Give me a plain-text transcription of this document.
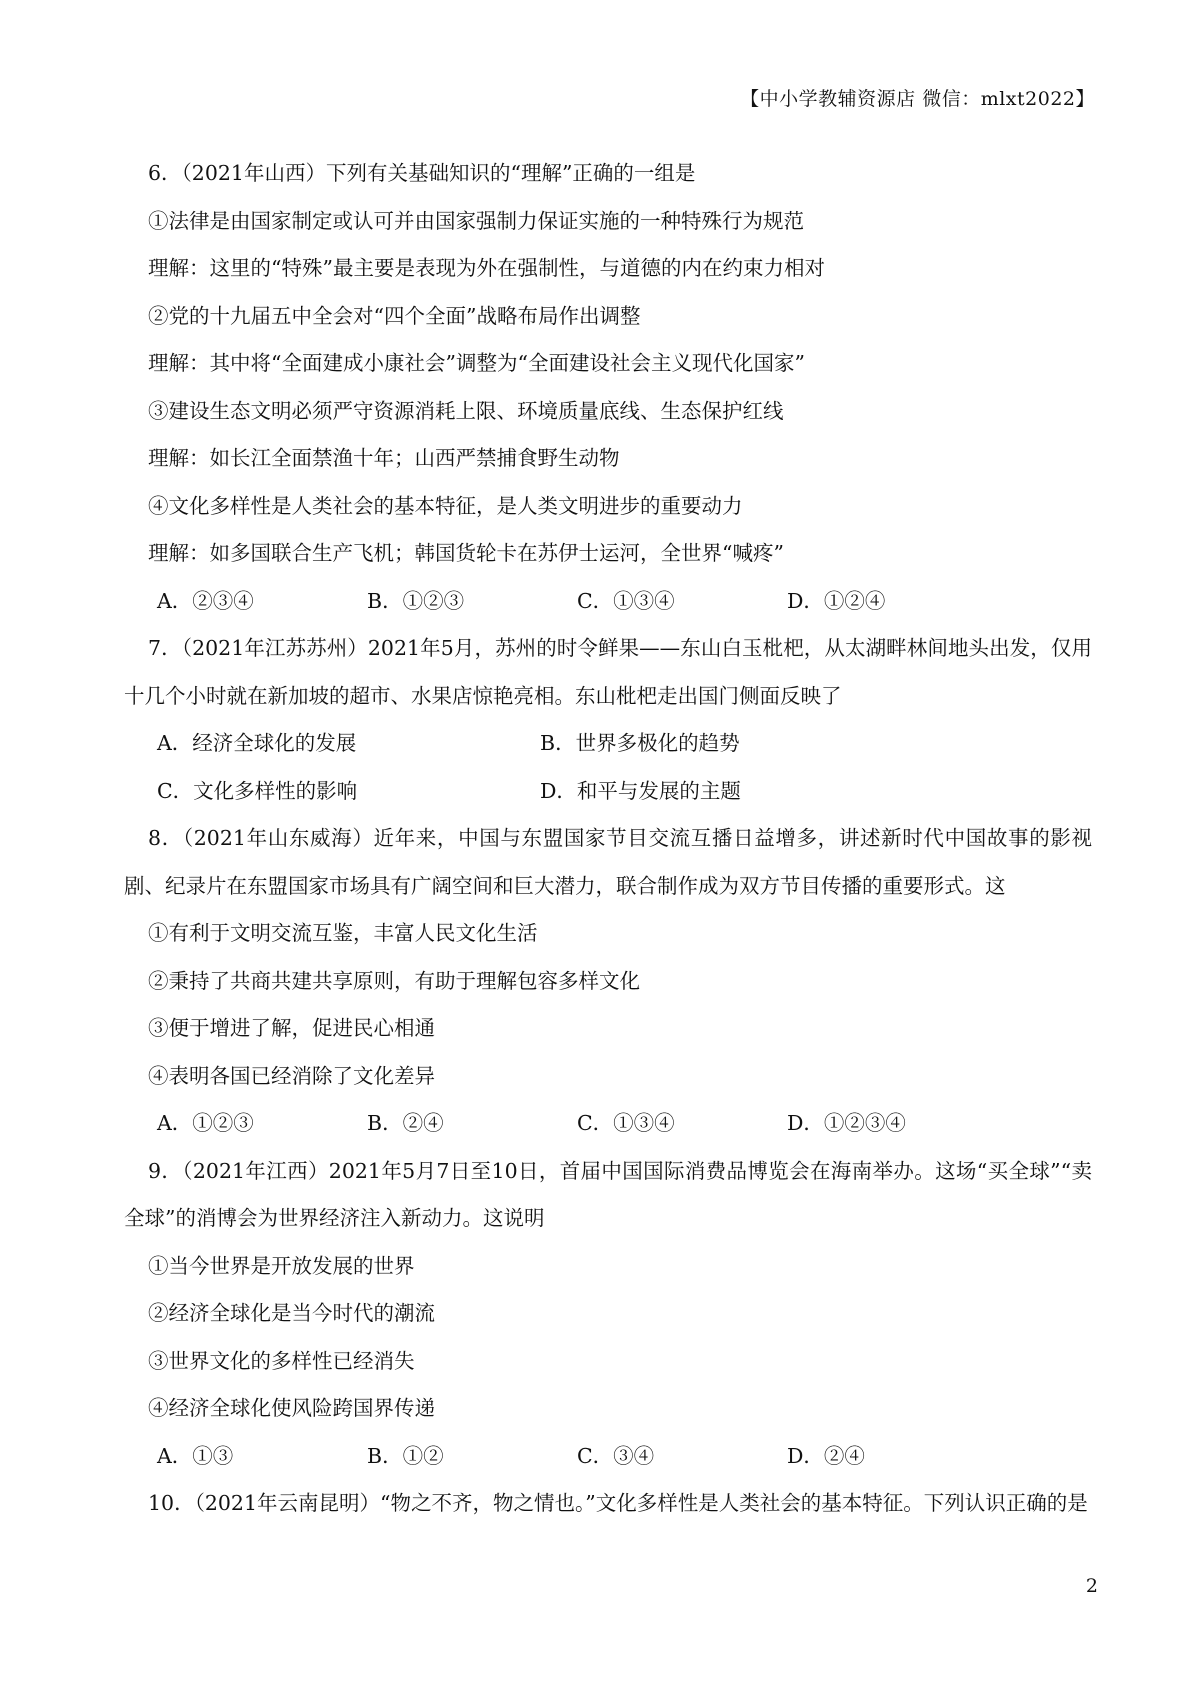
【中小学教辅资源店 微信：mlxt2022】

6．（2021年山西）下列有关基础知识的“理解”正确的一组是

①法律是由国家制定或认可并由国家强制力保证实施的一种特殊行为规范

理解：这里的“特殊”最主要是表现为外在强制性，与道德的内在约束力相对

②党的十九届五中全会对“四个全面”战略布局作出调整

理解：其中将“全面建成小康社会”调整为“全面建设社会主义现代化国家”

③建设生态文明必须严守资源消耗上限、环境质量底线、生态保护红线

理解：如长江全面禁渔十年；山西严禁捕食野生动物

④文化多样性是人类社会的基本特征，是人类文明进步的重要动力

理解：如多国联合生产飞机；韩国货轮卡在苏伊士运河，全世界“喊疼”

A．②③④	B．①②③	C．①③④	D．①②④

7．（2021年江苏苏州）2021年5月，苏州的时令鲜果——东山白玉枇杷，从太湖畔林间地头出发，仅用十几个小时就在新加坡的超市、水果店惊艳亮相。东山枇杷走出国门侧面反映了

A．经济全球化的发展	B．世界多极化的趋势
C．文化多样性的影响	D．和平与发展的主题

8．（2021年山东威海）近年来，中国与东盟国家节目交流互播日益增多，讲述新时代中国故事的影视剧、纪录片在东盟国家市场具有广阔空间和巨大潜力，联合制作成为双方节目传播的重要形式。这

①有利于文明交流互鉴，丰富人民文化生活

②秉持了共商共建共享原则，有助于理解包容多样文化

③便于增进了解，促进民心相通

④表明各国已经消除了文化差异

A．①②③	B．②④	C．①③④	D．①②③④

9．（2021年江西）2021年5月7日至10日，首届中国国际消费品博览会在海南举办。这场“买全球”“卖全球”的消博会为世界经济注入新动力。这说明

①当今世界是开放发展的世界

②经济全球化是当今时代的潮流

③世界文化的多样性已经消失

④经济全球化使风险跨国界传递

A．①③	B．①②	C．③④	D．②④

10．（2021年云南昆明）“物之不齐，物之情也。”文化多样性是人类社会的基本特征。下列认识正确的是

2
